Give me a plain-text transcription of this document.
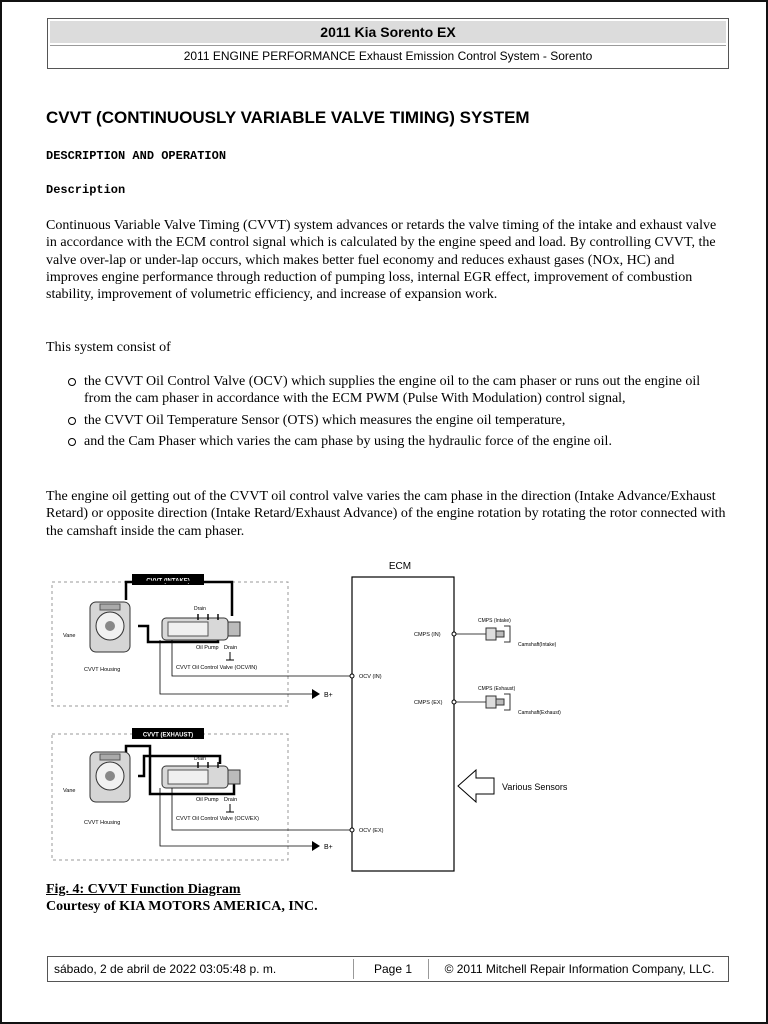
2011 Kia Sorento EX
2011 ENGINE PERFORMANCE Exhaust Emission Control System - Sorento
CVVT (CONTINUOUSLY VARIABLE VALVE TIMING) SYSTEM

DESCRIPTION AND OPERATION

Description

Continuous Variable Valve Timing (CVVT) system advances or retards the valve timing of the intake and exhaust valve in accordance with the ECM control signal which is calculated by the engine speed and load. By controlling CVVT, the valve over-lap or under-lap occurs, which makes better fuel economy and reduces exhaust gases (NOx, HC) and improves engine performance through reduction of pumping loss, internal EGR effect, improvement of combustion stability, improvement of volumetric efficiency, and increase of expansion work.

This system consist of

the CVVT Oil Control Valve (OCV) which supplies the engine oil to the cam phaser or runs out the engine oil from the cam phaser in accordance with the ECM PWM (Pulse With Modulation) control signal,
the CVVT Oil Temperature Sensor (OTS) which measures the engine oil temperature,
and the Cam Phaser which varies the cam phase by using the hydraulic force of the engine oil.

The engine oil getting out of the CVVT oil control valve varies the cam phase in the direction (Intake Advance/Exhaust Retard) or opposite direction (Intake Retard/Exhaust Advance) of the engine rotation by rotating the rotor connected with the camshaft inside the cam phaser.

ECM
CVVT (INTAKE)
Drain
Vane
CVVT Housing
Oil Pump Drain
CVVT Oil Control Valve (OCV/IN)
B+
CVVT (EXHAUST)
Drain
Vane
CVVT Housing
Oil Pump Drain
CVVT Oil Control Valve (OCV/EX)
B+
CMPS (IN)
OCV (IN)
CMPS (EX)
OCV (EX)
CMPS (Intake)
Camshaft(Intake)
CMPS (Exhaust)
Camshaft(Exhaust)
Various Sensors

Fig. 4: CVVT Function Diagram

Courtesy of KIA MOTORS AMERICA, INC.

sábado, 2 de abril de 2022 03:05:48 p. m.	Page 1	© 2011 Mitchell Repair Information Company, LLC.
